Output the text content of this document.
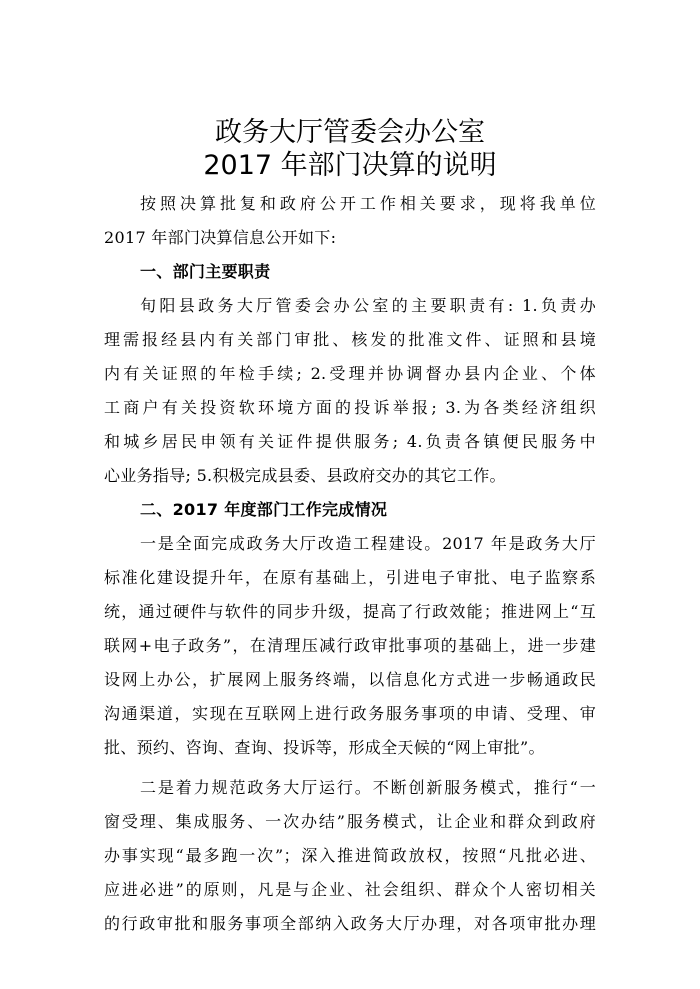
政务大厅管委会办公室
2017 年部门决算的说明
按照决算批复和政府公开工作相关要求，现将我单位
2017 年部门决算信息公开如下:
一、部门主要职责
旬阳县政务大厅管委会办公室的主要职责有: 1.负责办
理需报经县内有关部门审批、核发的批准文件、证照和县境
内有关证照的年检手续; 2.受理并协调督办县内企业、个体
工商户有关投资软环境方面的投诉举报; 3.为各类经济组织
和城乡居民申领有关证件提供服务; 4.负责各镇便民服务中
心业务指导; 5.积极完成县委、县政府交办的其它工作。
二、2017 年度部门工作完成情况
一是全面完成政务大厅改造工程建设。2017 年是政务大厅
标准化建设提升年，在原有基础上，引进电子审批、电子监察系
统，通过硬件与软件的同步升级，提高了行政效能；推进网上“互
联网+电子政务”，在清理压减行政审批事项的基础上，进一步建
设网上办公，扩展网上服务终端，以信息化方式进一步畅通政民
沟通渠道，实现在互联网上进行政务服务事项的申请、受理、审
批、预约、咨询、查询、投诉等，形成全天候的“网上审批”。
二是着力规范政务大厅运行。不断创新服务模式，推行“一
窗受理、集成服务、一次办结”服务模式，让企业和群众到政府
办事实现“最多跑一次”；深入推进简政放权，按照“凡批必进、
应进必进”的原则，凡是与企业、社会组织、群众个人密切相关
的行政审批和服务事项全部纳入政务大厅办理，对各项审批办理
